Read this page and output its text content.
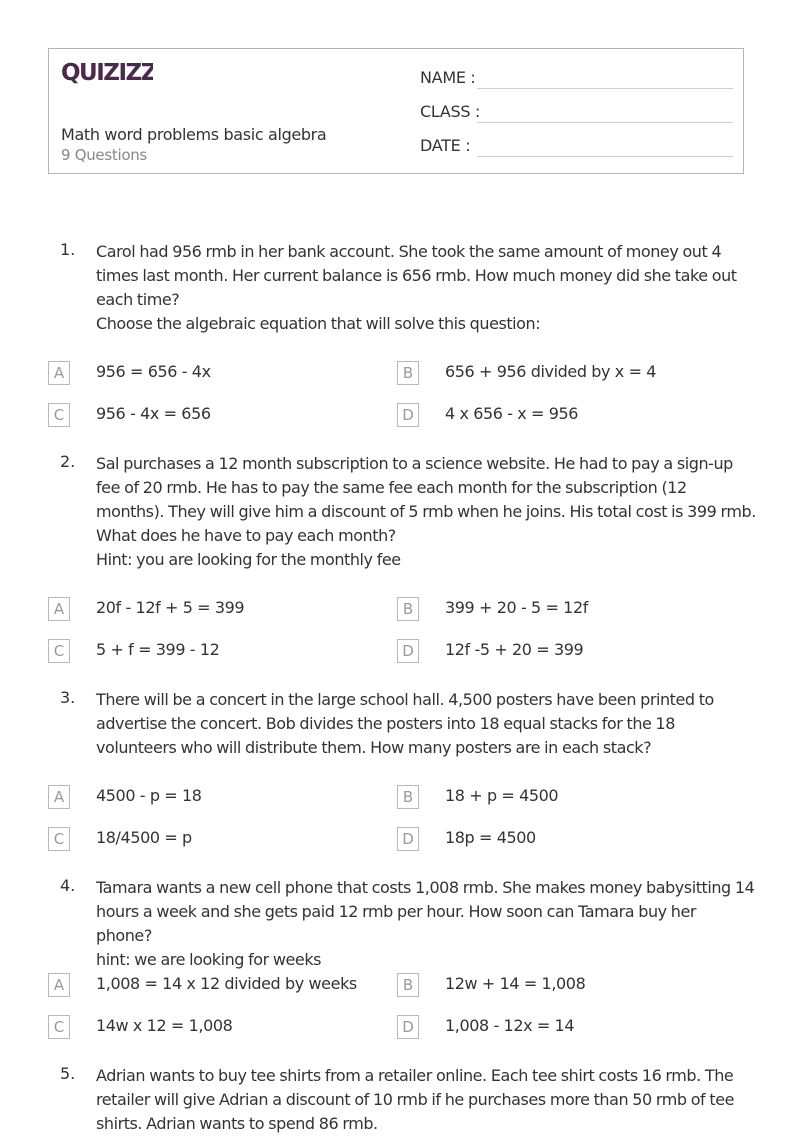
QUIZIZZ
Math word problems basic algebra
9 Questions
NAME :
CLASS :
DATE :
1. Carol had 956 rmb in her bank account. She took the same amount of money out 4 times last month. Her current balance is 656 rmb. How much money did she take out each time?
Choose the algebraic equation that will solve this question:
A	956 = 656 - 4x	B	656 + 956 divided by x = 4
C	956 - 4x = 656	D	4 x 656 - x = 956
2. Sal purchases a 12 month subscription to a science website. He had to pay a sign-up fee of 20 rmb. He has to pay the same fee each month for the subscription (12 months). They will give him a discount of 5 rmb when he joins. His total cost is 399 rmb. What does he have to pay each month?
Hint: you are looking for the monthly fee
A	20f - 12f + 5 = 399	B	399 + 20 - 5 = 12f
C	5 + f = 399 - 12	D	12f -5 + 20 = 399
3. There will be a concert in the large school hall. 4,500 posters have been printed to advertise the concert. Bob divides the posters into 18 equal stacks for the 18 volunteers who will distribute them. How many posters are in each stack?
A	4500 - p = 18	B	18 + p = 4500
C	18/4500 = p	D	18p = 4500
4. Tamara wants a new cell phone that costs 1,008 rmb. She makes money babysitting 14 hours a week and she gets paid 12 rmb per hour. How soon can Tamara buy her phone?
hint: we are looking for weeks
A	1,008 = 14 x 12 divided by weeks	B	12w + 14 = 1,008
C	14w x 12 = 1,008	D	1,008 - 12x = 14
5. Adrian wants to buy tee shirts from a retailer online. Each tee shirt costs 16 rmb. The retailer will give Adrian a discount of 10 rmb if he purchases more than 50 rmb of tee shirts. Adrian wants to spend 86 rmb.
